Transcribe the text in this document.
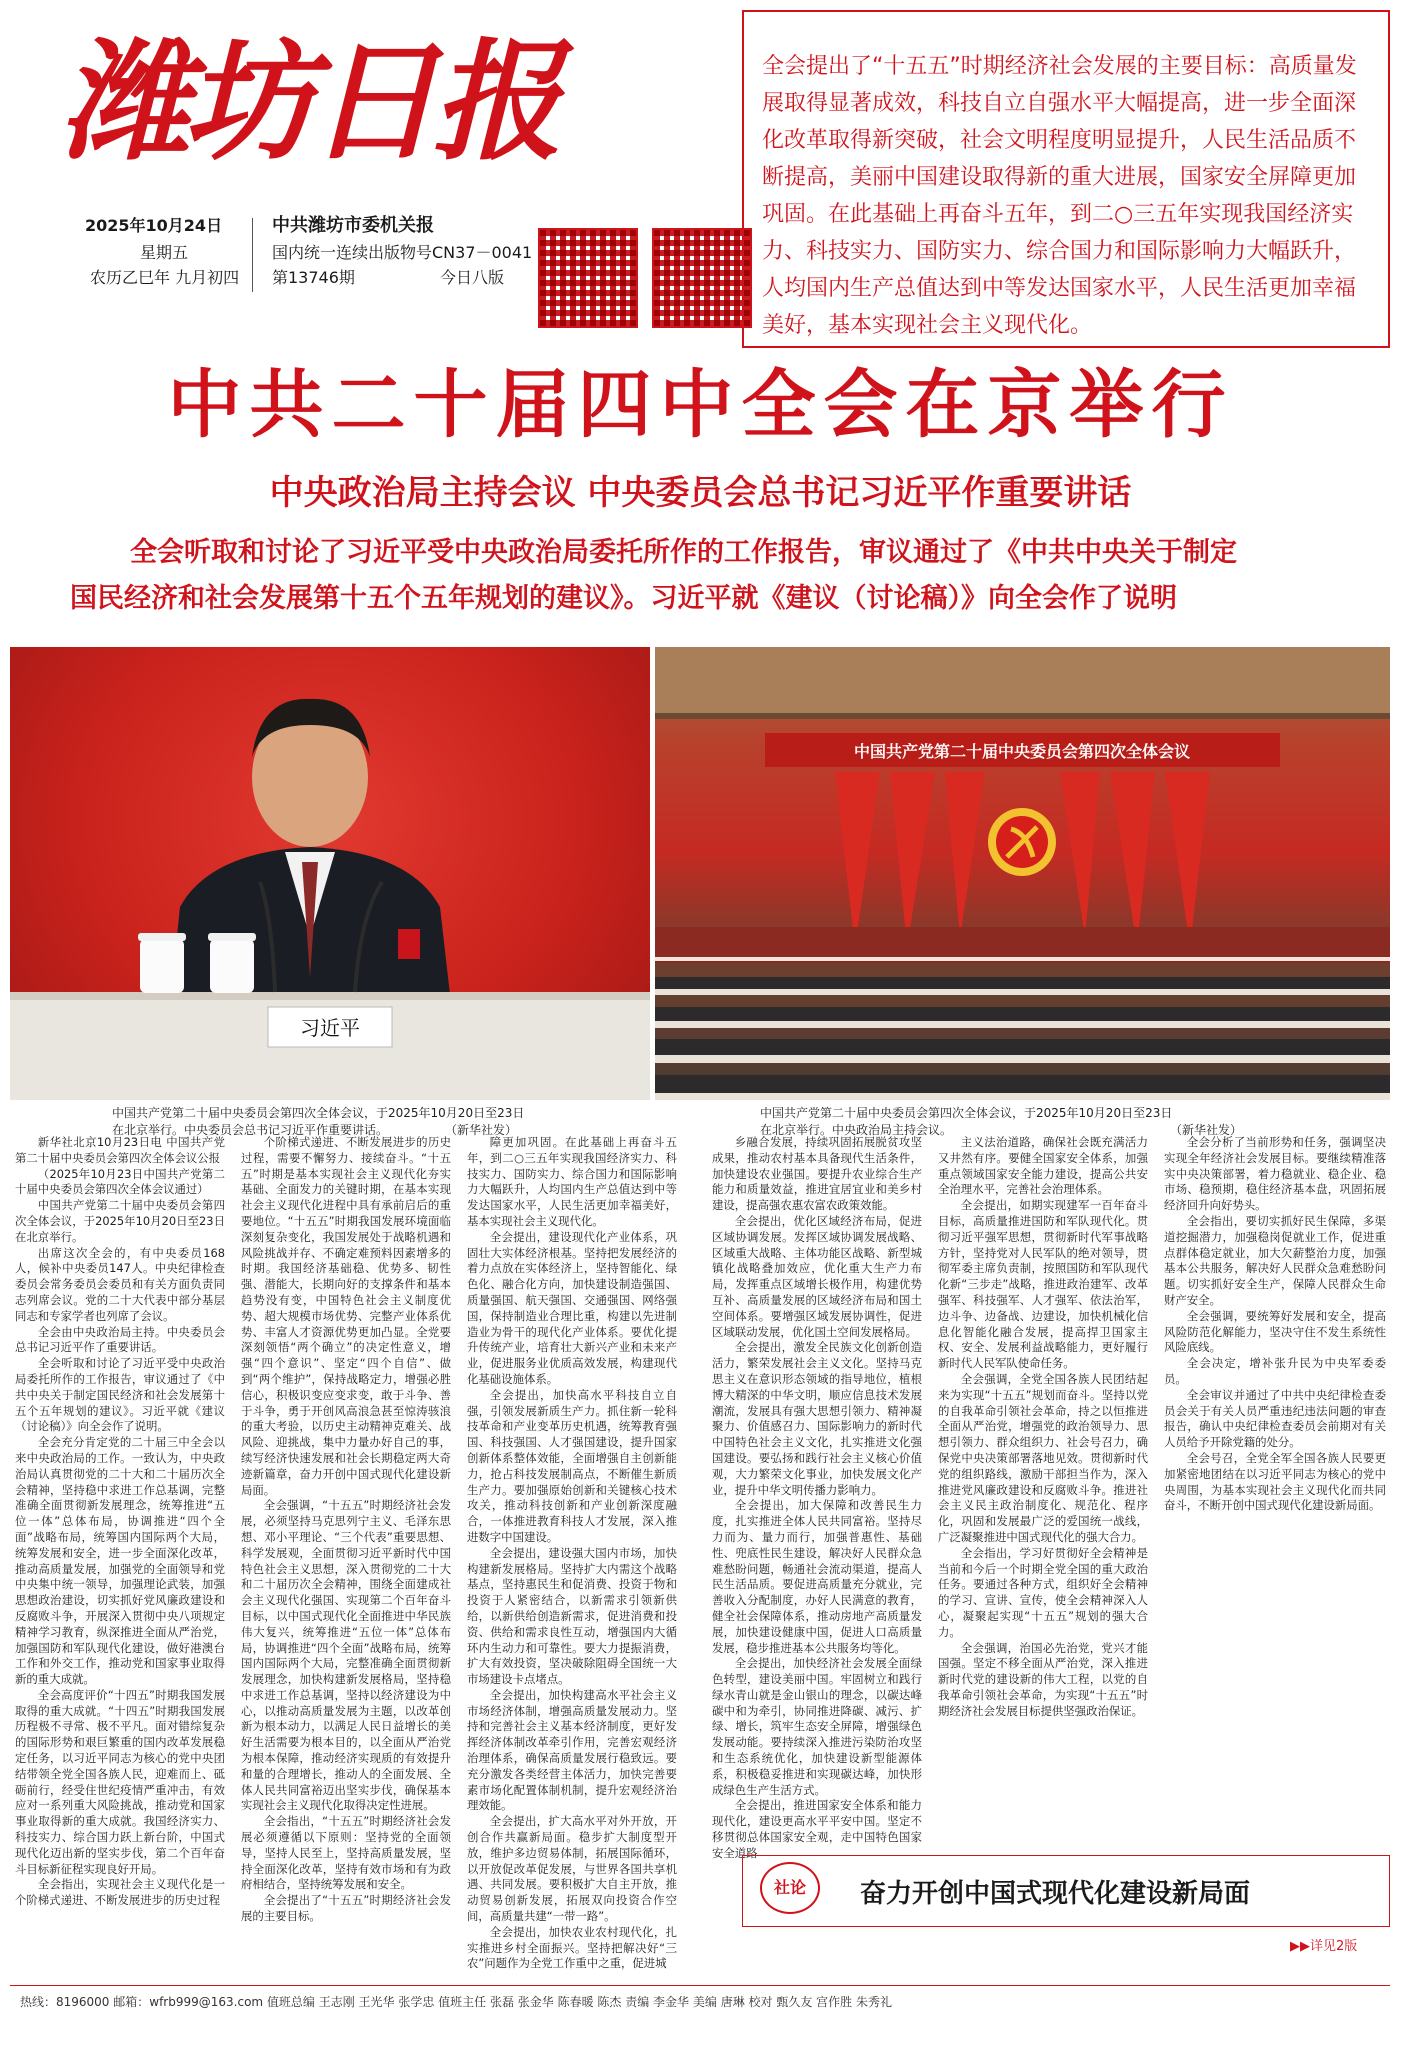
潍坊日报
2025年10月24日
星期五
农历乙巳年 九月初四
中共潍坊市委机关报
国内统一连续出版物号CN37－0041
第13746期	今日八版

全会提出了“十五五”时期经济社会发展的主要目标：高质量发展取得显著成效，科技自立自强水平大幅提高，进一步全面深化改革取得新突破，社会文明程度明显提升，人民生活品质不断提高，美丽中国建设取得新的重大进展，国家安全屏障更加巩固。在此基础上再奋斗五年，到二○三五年实现我国经济实力、科技实力、国防实力、综合国力和国际影响力大幅跃升，人均国内生产总值达到中等发达国家水平，人民生活更加幸福美好，基本实现社会主义现代化。

中共二十届四中全会在京举行
中央政治局主持会议 中央委员会总书记习近平作重要讲话

全会听取和讨论了习近平受中央政治局委托所作的工作报告，审议通过了《中共中央关于制定

国民经济和社会发展第十五个五年规划的建议》。习近平就《建议（讨论稿）》向全会作了说明

习近平
中国共产党第二十届中央委员会第四次全体会议
中国共产党第二十届中央委员会第四次全体会议，于2025年10月20日至23日在北京举行。中央委员会总书记习近平作重要讲话。	（新华社发）
中国共产党第二十届中央委员会第四次全体会议，于2025年10月20日至23日在北京举行。中央政治局主持会议。	（新华社发）

新华社北京10月23日电 中国共产党第二十届中央委员会第四次全体会议公报

（2025年10月23日中国共产党第二十届中央委员会第四次全体会议通过）

中国共产党第二十届中央委员会第四次全体会议，于2025年10月20日至23日在北京举行。

出席这次全会的，有中央委员168人，候补中央委员147人。中央纪律检查委员会常务委员会委员和有关方面负责同志列席会议。党的二十大代表中部分基层同志和专家学者也列席了会议。

全会由中央政治局主持。中央委员会总书记习近平作了重要讲话。

全会听取和讨论了习近平受中央政治局委托所作的工作报告，审议通过了《中共中央关于制定国民经济和社会发展第十五个五年规划的建议》。习近平就《建议（讨论稿）》向全会作了说明。

全会充分肯定党的二十届三中全会以来中央政治局的工作。一致认为，中央政治局认真贯彻党的二十大和二十届历次全会精神，坚持稳中求进工作总基调，完整准确全面贯彻新发展理念，统筹推进“五位一体”总体布局，协调推进“四个全面”战略布局，统筹国内国际两个大局，统筹发展和安全，进一步全面深化改革，推动高质量发展，加强党的全面领导和党中央集中统一领导，加强理论武装，加强思想政治建设，切实抓好党风廉政建设和反腐败斗争，开展深入贯彻中央八项规定精神学习教育，纵深推进全面从严治党，加强国防和军队现代化建设，做好港澳台工作和外交工作，推动党和国家事业取得新的重大成就。

全会高度评价“十四五”时期我国发展取得的重大成就。“十四五”时期我国发展历程极不寻常、极不平凡。面对错综复杂的国际形势和艰巨繁重的国内改革发展稳定任务，以习近平同志为核心的党中央团结带领全党全国各族人民，迎难而上、砥砺前行，经受住世纪疫情严重冲击，有效应对一系列重大风险挑战，推动党和国家事业取得新的重大成就。我国经济实力、科技实力、综合国力跃上新台阶，中国式现代化迈出新的坚实步伐，第二个百年奋斗目标新征程实现良好开局。

全会指出，实现社会主义现代化是一个阶梯式递进、不断发展进步的历史过程

个阶梯式递进、不断发展进步的历史过程，需要不懈努力、接续奋斗。“十五五”时期是基本实现社会主义现代化夯实基础、全面发力的关键时期，在基本实现社会主义现代化进程中具有承前启后的重要地位。“十五五”时期我国发展环境面临深刻复杂变化，我国发展处于战略机遇和风险挑战并存、不确定难预料因素增多的时期。我国经济基础稳、优势多、韧性强、潜能大，长期向好的支撑条件和基本趋势没有变，中国特色社会主义制度优势、超大规模市场优势、完整产业体系优势、丰富人才资源优势更加凸显。全党要深刻领悟“两个确立”的决定性意义，增强“四个意识”、坚定“四个自信”、做到“两个维护”，保持战略定力，增强必胜信心，积极识变应变求变，敢于斗争、善于斗争，勇于开创风高浪急甚至惊涛骇浪的重大考验，以历史主动精神克难关、战风险、迎挑战，集中力量办好自己的事，续写经济快速发展和社会长期稳定两大奇迹新篇章，奋力开创中国式现代化建设新局面。

全会强调，“十五五”时期经济社会发展，必须坚持马克思列宁主义、毛泽东思想、邓小平理论、“三个代表”重要思想、科学发展观，全面贯彻习近平新时代中国特色社会主义思想，深入贯彻党的二十大和二十届历次全会精神，围绕全面建成社会主义现代化强国、实现第二个百年奋斗目标，以中国式现代化全面推进中华民族伟大复兴，统筹推进“五位一体”总体布局，协调推进“四个全面”战略布局，统筹国内国际两个大局，完整准确全面贯彻新发展理念，加快构建新发展格局，坚持稳中求进工作总基调，坚持以经济建设为中心，以推动高质量发展为主题，以改革创新为根本动力，以满足人民日益增长的美好生活需要为根本目的，以全面从严治党为根本保障，推动经济实现质的有效提升和量的合理增长，推动人的全面发展、全体人民共同富裕迈出坚实步伐，确保基本实现社会主义现代化取得决定性进展。

全会指出，“十五五”时期经济社会发展必须遵循以下原则：坚持党的全面领导，坚持人民至上，坚持高质量发展，坚持全面深化改革，坚持有效市场和有为政府相结合，坚持统筹发展和安全。

全会提出了“十五五”时期经济社会发展的主要目标。

障更加巩固。在此基础上再奋斗五年，到二○三五年实现我国经济实力、科技实力、国防实力、综合国力和国际影响力大幅跃升，人均国内生产总值达到中等发达国家水平，人民生活更加幸福美好，基本实现社会主义现代化。

全会提出，建设现代化产业体系，巩固壮大实体经济根基。坚持把发展经济的着力点放在实体经济上，坚持智能化、绿色化、融合化方向，加快建设制造强国、质量强国、航天强国、交通强国、网络强国，保持制造业合理比重，构建以先进制造业为骨干的现代化产业体系。要优化提升传统产业，培育壮大新兴产业和未来产业，促进服务业优质高效发展，构建现代化基础设施体系。

全会提出，加快高水平科技自立自强，引领发展新质生产力。抓住新一轮科技革命和产业变革历史机遇，统筹教育强国、科技强国、人才强国建设，提升国家创新体系整体效能，全面增强自主创新能力，抢占科技发展制高点，不断催生新质生产力。要加强原始创新和关键核心技术攻关，推动科技创新和产业创新深度融合，一体推进教育科技人才发展，深入推进数字中国建设。

全会提出，建设强大国内市场，加快构建新发展格局。坚持扩大内需这个战略基点，坚持惠民生和促消费、投资于物和投资于人紧密结合，以新需求引领新供给，以新供给创造新需求，促进消费和投资、供给和需求良性互动，增强国内大循环内生动力和可靠性。要大力提振消费，扩大有效投资，坚决破除阻碍全国统一大市场建设卡点堵点。

全会提出，加快构建高水平社会主义市场经济体制，增强高质量发展动力。坚持和完善社会主义基本经济制度，更好发挥经济体制改革牵引作用，完善宏观经济治理体系，确保高质量发展行稳致远。要充分激发各类经营主体活力，加快完善要素市场化配置体制机制，提升宏观经济治理效能。

全会提出，扩大高水平对外开放，开创合作共赢新局面。稳步扩大制度型开放，维护多边贸易体制，拓展国际循环，以开放促改革促发展，与世界各国共享机遇、共同发展。要积极扩大自主开放，推动贸易创新发展，拓展双向投资合作空间，高质量共建“一带一路”。

全会提出，加快农业农村现代化，扎实推进乡村全面振兴。坚持把解决好“三农”问题作为全党工作重中之重，促进城

乡融合发展，持续巩固拓展脱贫攻坚成果，推动农村基本具备现代生活条件，加快建设农业强国。要提升农业综合生产能力和质量效益，推进宜居宜业和美乡村建设，提高强农惠农富农政策效能。

全会提出，优化区域经济布局，促进区域协调发展。发挥区域协调发展战略、区域重大战略、主体功能区战略、新型城镇化战略叠加效应，优化重大生产力布局，发挥重点区域增长极作用，构建优势互补、高质量发展的区域经济布局和国土空间体系。要增强区域发展协调性，促进区域联动发展，优化国土空间发展格局。

全会提出，激发全民族文化创新创造活力，繁荣发展社会主义文化。坚持马克思主义在意识形态领域的指导地位，植根博大精深的中华文明，顺应信息技术发展潮流，发展具有强大思想引领力、精神凝聚力、价值感召力、国际影响力的新时代中国特色社会主义文化，扎实推进文化强国建设。要弘扬和践行社会主义核心价值观，大力繁荣文化事业，加快发展文化产业，提升中华文明传播力影响力。

全会提出，加大保障和改善民生力度，扎实推进全体人民共同富裕。坚持尽力而为、量力而行，加强普惠性、基础性、兜底性民生建设，解决好人民群众急难愁盼问题，畅通社会流动渠道，提高人民生活品质。要促进高质量充分就业，完善收入分配制度，办好人民满意的教育，健全社会保障体系，推动房地产高质量发展，加快建设健康中国，促进人口高质量发展，稳步推进基本公共服务均等化。

全会提出，加快经济社会发展全面绿色转型，建设美丽中国。牢固树立和践行绿水青山就是金山银山的理念，以碳达峰碳中和为牵引，协同推进降碳、减污、扩绿、增长，筑牢生态安全屏障，增强绿色发展动能。要持续深入推进污染防治攻坚和生态系统优化，加快建设新型能源体系，积极稳妥推进和实现碳达峰，加快形成绿色生产生活方式。

全会提出，推进国家安全体系和能力现代化，建设更高水平平安中国。坚定不移贯彻总体国家安全观，走中国特色国家安全道路

主义法治道路，确保社会既充满活力又井然有序。要健全国家安全体系，加强重点领域国家安全能力建设，提高公共安全治理水平，完善社会治理体系。

全会提出，如期实现建军一百年奋斗目标，高质量推进国防和军队现代化。贯彻习近平强军思想，贯彻新时代军事战略方针，坚持党对人民军队的绝对领导，贯彻军委主席负责制，按照国防和军队现代化新“三步走”战略，推进政治建军、改革强军、科技强军、人才强军、依法治军，边斗争、边备战、边建设，加快机械化信息化智能化融合发展，提高捍卫国家主权、安全、发展利益战略能力，更好履行新时代人民军队使命任务。

全会强调，全党全国各族人民团结起来为实现“十五五”规划而奋斗。坚持以党的自我革命引领社会革命，持之以恒推进全面从严治党，增强党的政治领导力、思想引领力、群众组织力、社会号召力，确保党中央决策部署落地见效。贯彻新时代党的组织路线，激励干部担当作为，深入推进党风廉政建设和反腐败斗争。推进社会主义民主政治制度化、规范化、程序化，巩固和发展最广泛的爱国统一战线，广泛凝聚推进中国式现代化的强大合力。

全会指出，学习好贯彻好全会精神是当前和今后一个时期全党全国的重大政治任务。要通过各种方式，组织好全会精神的学习、宣讲、宣传，使全会精神深入人心，凝聚起实现“十五五”规划的强大合力。

全会强调，治国必先治党，党兴才能国强。坚定不移全面从严治党，深入推进新时代党的建设新的伟大工程，以党的自我革命引领社会革命，为实现“十五五”时期经济社会发展目标提供坚强政治保证。

全会分析了当前形势和任务，强调坚决实现全年经济社会发展目标。要继续精准落实中央决策部署，着力稳就业、稳企业、稳市场、稳预期，稳住经济基本盘，巩固拓展经济回升向好势头。

全会指出，要切实抓好民生保障，多渠道挖掘潜力，加强稳岗促就业工作，促进重点群体稳定就业，加大欠薪整治力度，加强基本公共服务，解决好人民群众急难愁盼问题。切实抓好安全生产，保障人民群众生命财产安全。

全会强调，要统筹好发展和安全，提高风险防范化解能力，坚决守住不发生系统性风险底线。

全会决定，增补张升民为中央军委委员。

全会审议并通过了中共中央纪律检查委员会关于有关人员严重违纪违法问题的审查报告，确认中央纪律检查委员会前期对有关人员给予开除党籍的处分。

全会号召，全党全军全国各族人民要更加紧密地团结在以习近平同志为核心的党中央周围，为基本实现社会主义现代化而共同奋斗，不断开创中国式现代化建设新局面。

社论	奋力开创中国式现代化建设新局面
▶▶详见2版
热线：8196000 邮箱：wfrb999@163.com 值班总编 王志刚 王光华 张学忠 值班主任 张磊 张金华 陈春暖 陈杰 责编 李金华 美编 唐琳 校对 甄久友 宫作胜 朱秀礼
